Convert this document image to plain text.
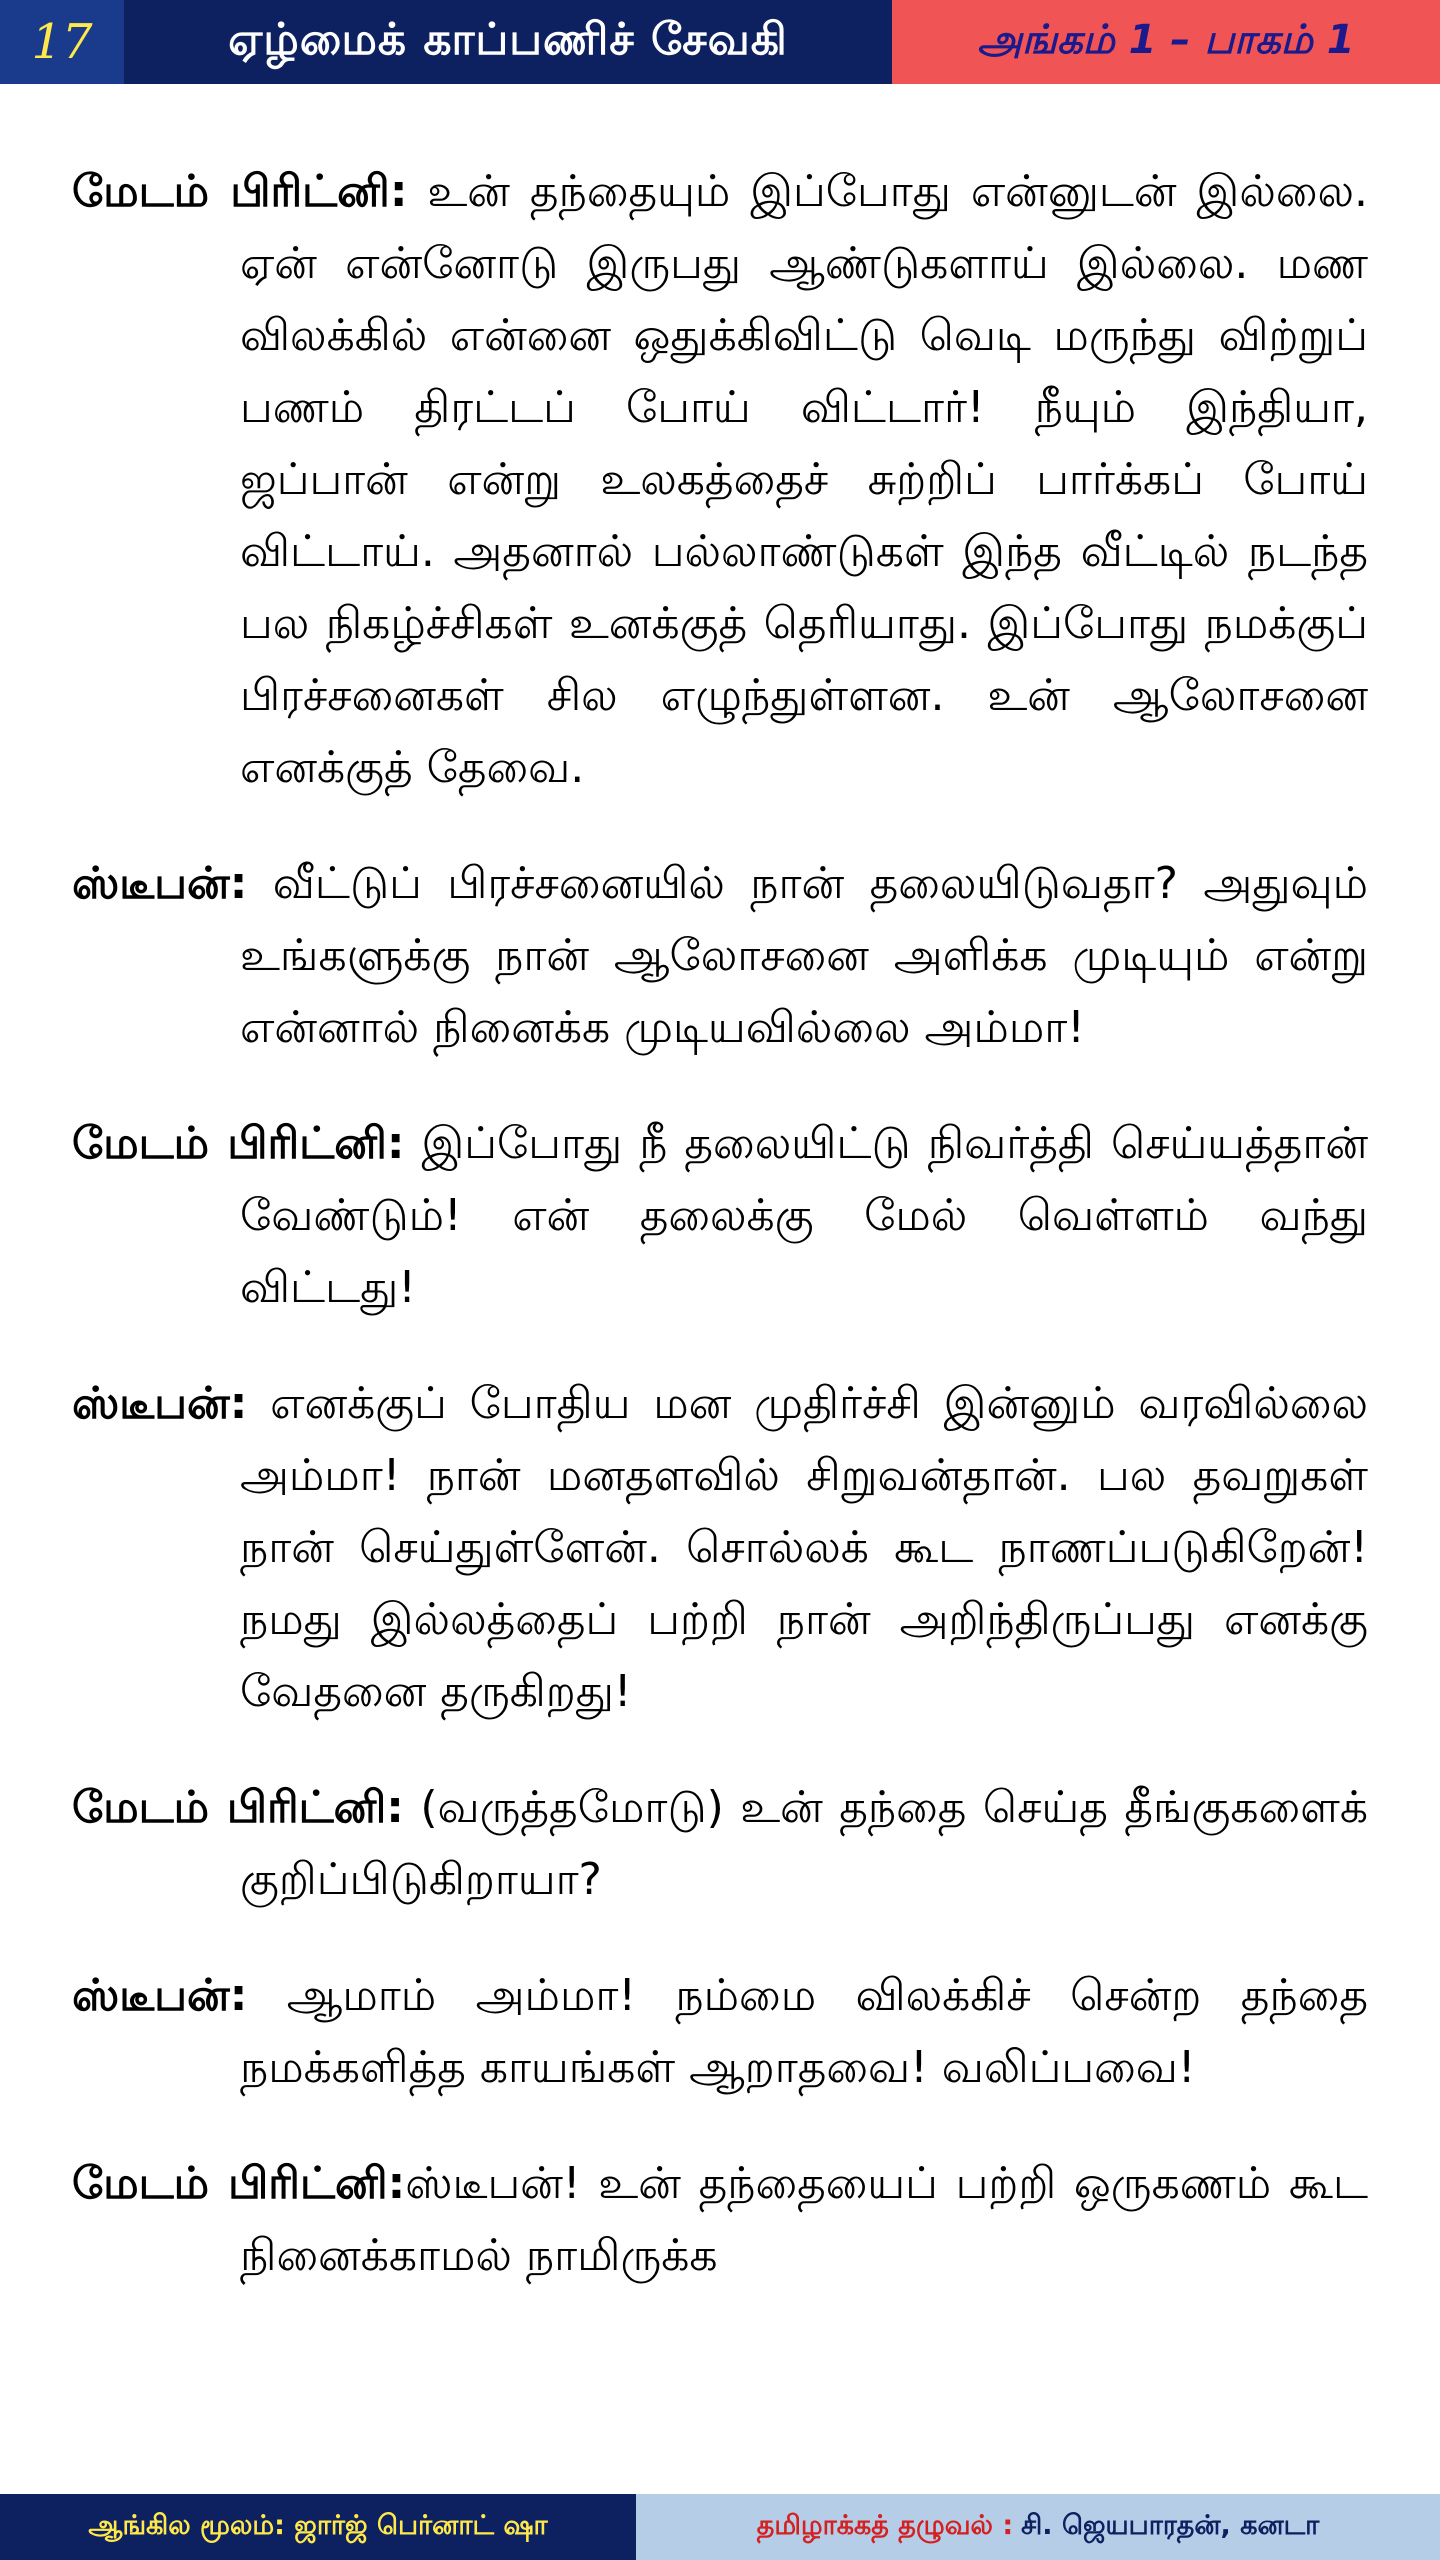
17	ஏழ்மைக் காப்பணிச் சேவகி	அங்கம் 1 – பாகம் 1

மேடம் பிரிட்னி: உன் தந்தையும் இப்போது என்னுடன் இல்லை. ஏன் என்னோடு இருபது ஆண்டுகளாய் இல்லை. மண விலக்கில் என்னை ஒதுக்கிவிட்டு வெடி மருந்து விற்றுப் பணம் திரட்டப் போய் விட்டார்! நீயும் இந்தியா, ஜப்பான் என்று உலகத்தைச் சுற்றிப் பார்க்கப் போய் விட்டாய். அதனால் பல்லாண்டுகள் இந்த வீட்டில் நடந்த பல நிகழ்ச்சிகள் உனக்குத் தெரியாது. இப்போது நமக்குப் பிரச்சனைகள் சில எழுந்துள்ளன. உன் ஆலோசனை எனக்குத் தேவை.

ஸ்டீபன்: வீட்டுப் பிரச்சனையில் நான் தலையிடுவதா? அதுவும் உங்களுக்கு நான் ஆலோசனை அளிக்க முடியும் என்று என்னால் நினைக்க முடியவில்லை அம்மா!

மேடம் பிரிட்னி: இப்போது நீ தலையிட்டு நிவர்த்தி செய்யத்தான் வேண்டும்! என் தலைக்கு மேல் வெள்ளம் வந்து விட்டது!

ஸ்டீபன்: எனக்குப் போதிய மன முதிர்ச்சி இன்னும் வரவில்லை அம்மா! நான் மனதளவில் சிறுவன்தான். பல தவறுகள் நான் செய்துள்ளேன். சொல்லக் கூட நாணப்படுகிறேன்! நமது இல்லத்தைப் பற்றி நான் அறிந்திருப்பது எனக்கு வேதனை தருகிறது!

மேடம் பிரிட்னி: (வருத்தமோடு) உன் தந்தை செய்த தீங்குகளைக் குறிப்பிடுகிறாயா?

ஸ்டீபன்: ஆமாம் அம்மா! நம்மை விலக்கிச் சென்ற தந்தை நமக்களித்த காயங்கள் ஆறாதவை! வலிப்பவை!

மேடம் பிரிட்னி:ஸ்டீபன்! உன் தந்தையைப் பற்றி ஒருகணம் கூட நினைக்காமல் நாமிருக்க

ஆங்கில மூலம்: ஜார்ஜ் பெர்னாட் ஷா	தமிழாக்கத் தழுவல் : சி. ஜெயபாரதன், கனடா
